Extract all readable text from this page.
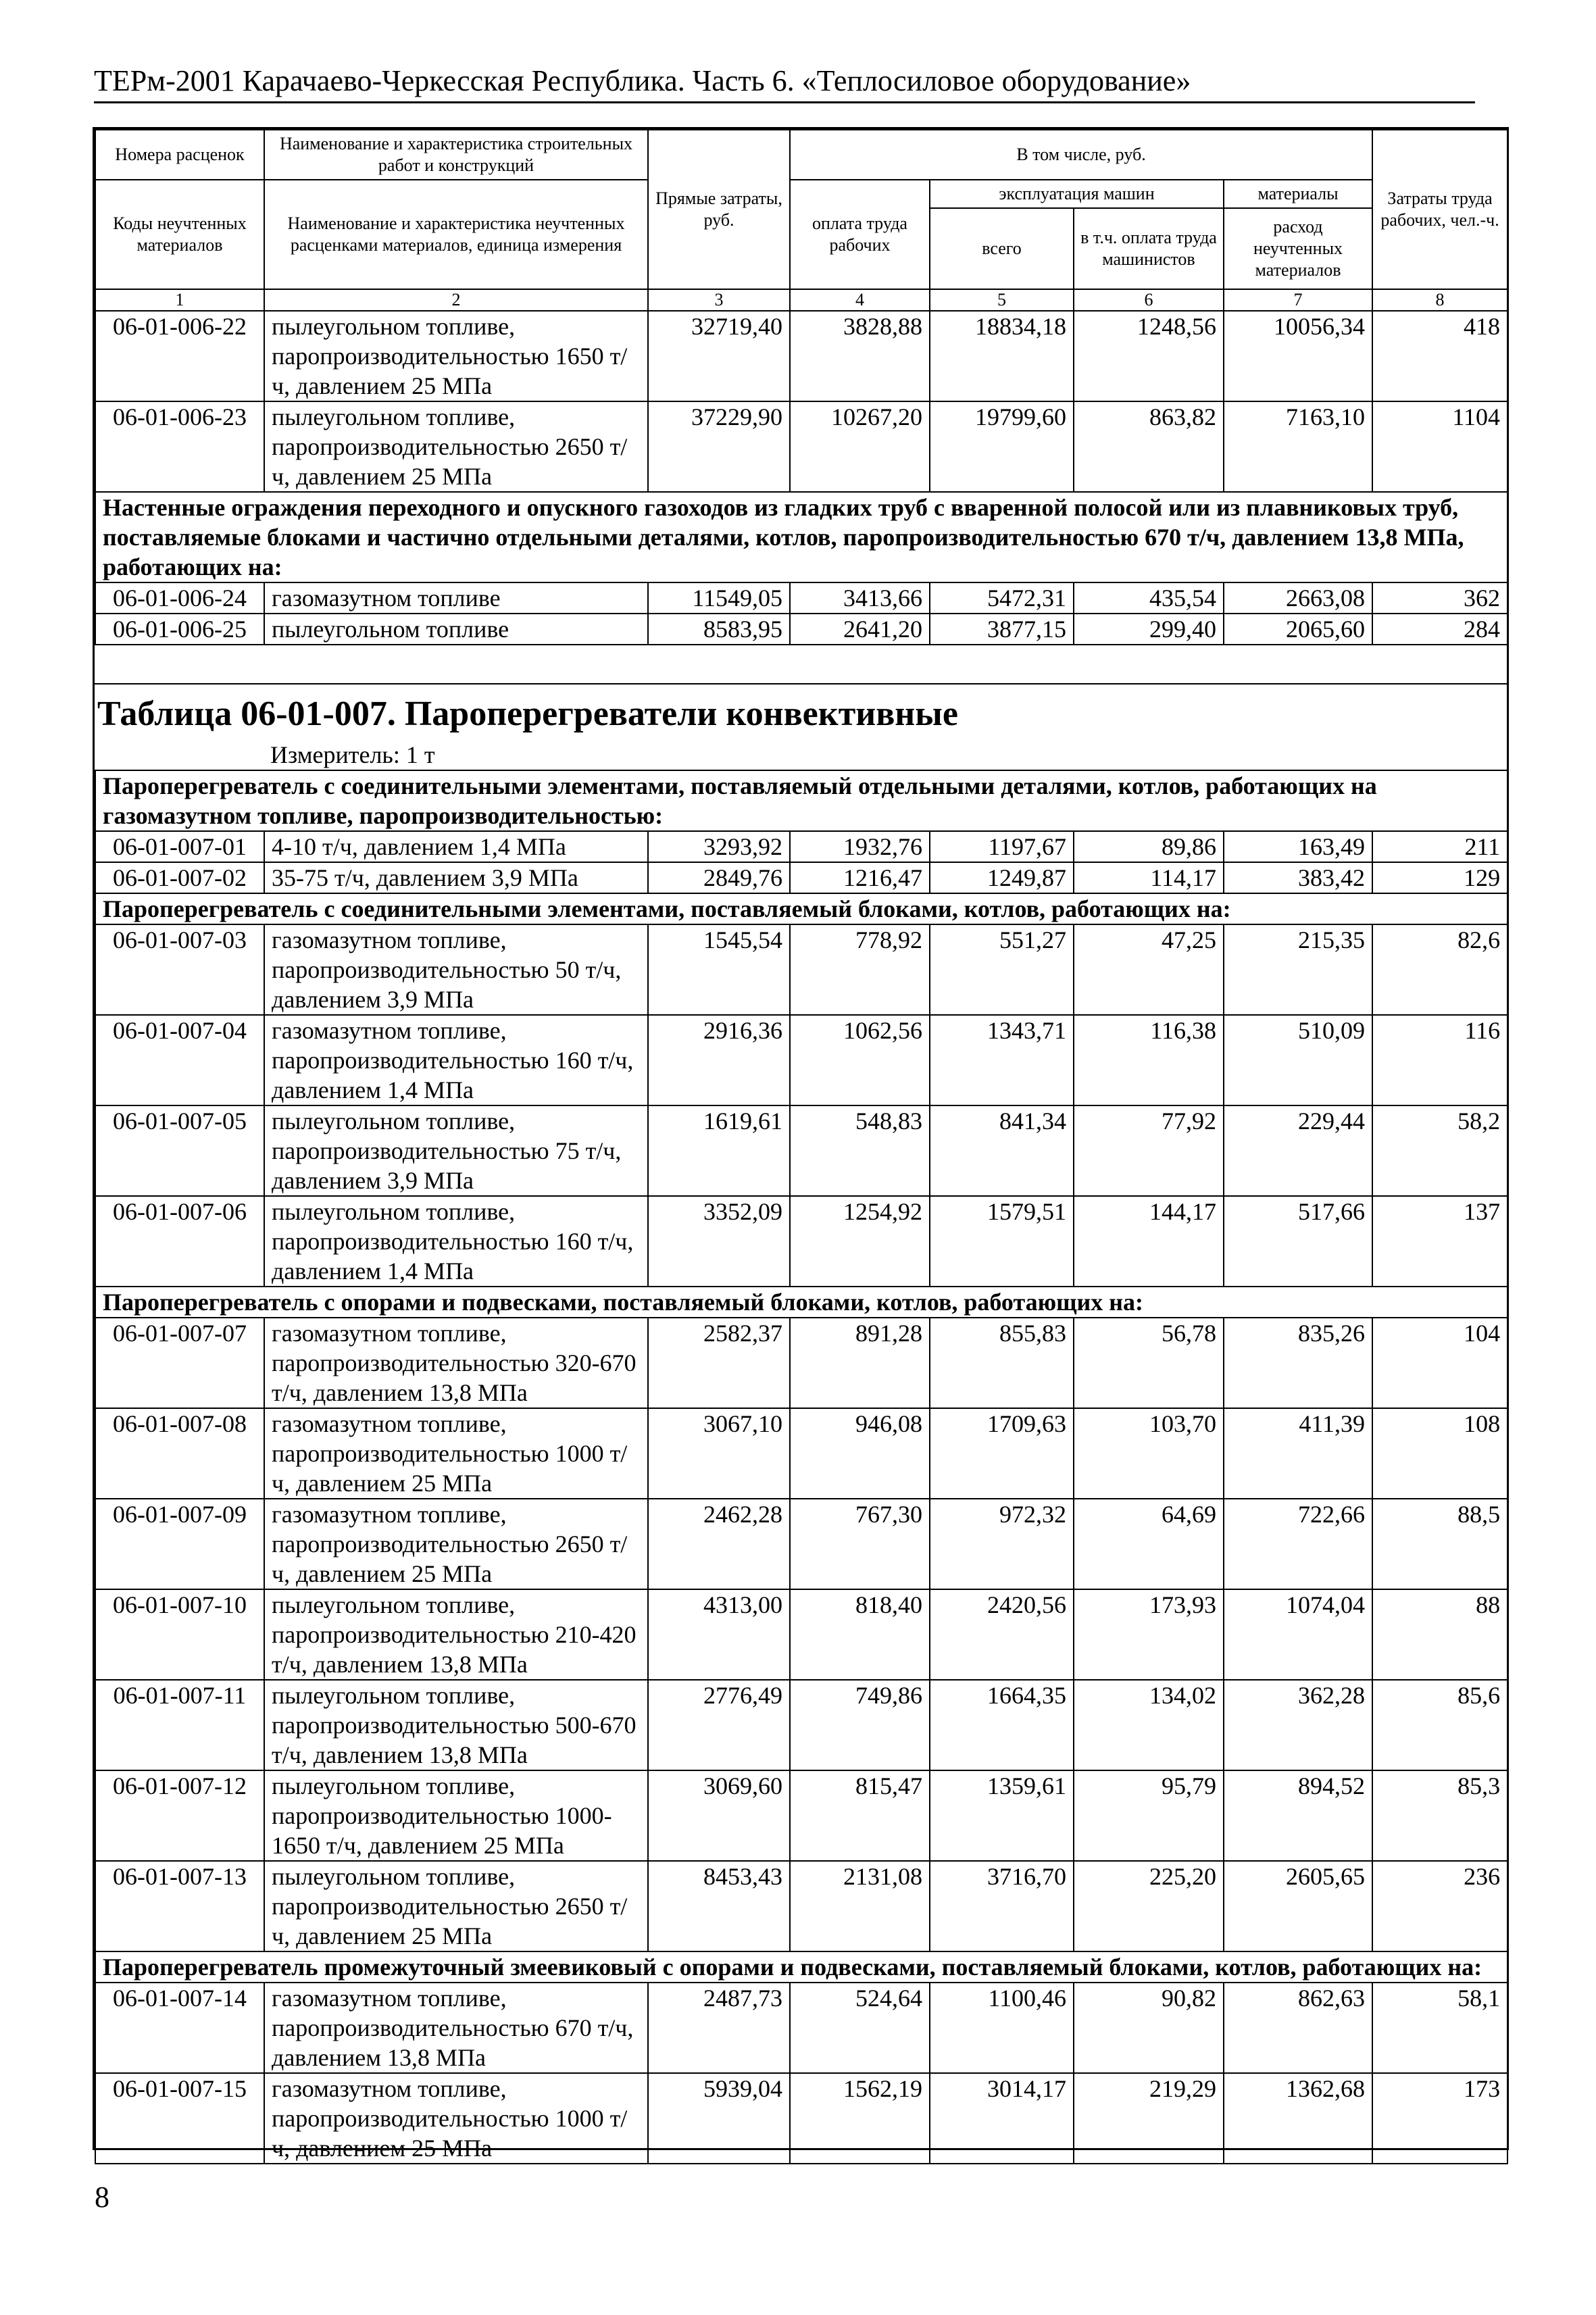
ТЕРм-2001 Карачаево-Черкесская Республика. Часть 6. «Теплосиловое оборудование»
Номера расценок	Наименование и характеристика строительных работ и конструкций	Прямые затраты, руб.	В том числе, руб.				Затраты труда рабочих, чел.-ч.
Коды неучтенных материалов	Наименование и характеристика неучтенных расценками материалов, единица измерения		оплата труда рабочих	эксплуатация машин		материалы	
				всего	в т.ч. оплата труда машинистов	расход неучтенных материалов	
1	2	3	4	5	6	7	8
06-01-006-22	пылеугольном топливе, паропроизводительностью 1650 т/ч, давлением 25 МПа	32719,40	3828,88	18834,18	1248,56	10056,34	418
06-01-006-23	пылеугольном топливе, паропроизводительностью 2650 т/ч, давлением 25 МПа	37229,90	10267,20	19799,60	863,82	7163,10	1104
Настенные ограждения переходного и опускного газоходов из гладких труб с вваренной полосой или из плавниковых труб, поставляемые блоками и частично отдельными деталями, котлов, паропроизводительностью 670 т/ч, давлением 13,8 МПа, работающих на:							
06-01-006-24	газомазутном топливе	11549,05	3413,66	5472,31	435,54	2663,08	362
06-01-006-25	пылеугольном топливе	8583,95	2641,20	3877,15	299,40	2065,60	284
Таблица 06-01-007. Пароперегреватели конвективные
Измеритель: 1 т
Пароперегреватель с соединительными элементами, поставляемый отдельными деталями, котлов, работающих на газомазутном топливе, паропроизводительностью:							
06-01-007-01	4-10 т/ч, давлением 1,4 МПа	3293,92	1932,76	1197,67	89,86	163,49	211
06-01-007-02	35-75 т/ч, давлением 3,9 МПа	2849,76	1216,47	1249,87	114,17	383,42	129
Пароперегреватель с соединительными элементами, поставляемый блоками, котлов, работающих на:							
06-01-007-03	газомазутном топливе, паропроизводительностью 50 т/ч, давлением 3,9 МПа	1545,54	778,92	551,27	47,25	215,35	82,6
06-01-007-04	газомазутном топливе, паропроизводительностью 160 т/ч, давлением 1,4 МПа	2916,36	1062,56	1343,71	116,38	510,09	116
06-01-007-05	пылеугольном топливе, паропроизводительностью 75 т/ч, давлением 3,9 МПа	1619,61	548,83	841,34	77,92	229,44	58,2
06-01-007-06	пылеугольном топливе, паропроизводительностью 160 т/ч, давлением 1,4 МПа	3352,09	1254,92	1579,51	144,17	517,66	137
Пароперегреватель с опорами и подвесками, поставляемый блоками, котлов, работающих на:							
06-01-007-07	газомазутном топливе, паропроизводительностью 320-670 т/ч, давлением 13,8 МПа	2582,37	891,28	855,83	56,78	835,26	104
06-01-007-08	газомазутном топливе, паропроизводительностью 1000 т/ч, давлением 25 МПа	3067,10	946,08	1709,63	103,70	411,39	108
06-01-007-09	газомазутном топливе, паропроизводительностью 2650 т/ч, давлением 25 МПа	2462,28	767,30	972,32	64,69	722,66	88,5
06-01-007-10	пылеугольном топливе, паропроизводительностью 210-420 т/ч, давлением 13,8 МПа	4313,00	818,40	2420,56	173,93	1074,04	88
06-01-007-11	пылеугольном топливе, паропроизводительностью 500-670 т/ч, давлением 13,8 МПа	2776,49	749,86	1664,35	134,02	362,28	85,6
06-01-007-12	пылеугольном топливе, паропроизводительностью 1000-1650 т/ч, давлением 25 МПа	3069,60	815,47	1359,61	95,79	894,52	85,3
06-01-007-13	пылеугольном топливе, паропроизводительностью 2650 т/ч, давлением 25 МПа	8453,43	2131,08	3716,70	225,20	2605,65	236
Пароперегреватель промежуточный змеевиковый с опорами и подвесками, поставляемый блоками, котлов, работающих на:							
06-01-007-14	газомазутном топливе, паропроизводительностью 670 т/ч, давлением 13,8 МПа	2487,73	524,64	1100,46	90,82	862,63	58,1
06-01-007-15	газомазутном топливе, паропроизводительностью 1000 т/ч, давлением 25 МПа	5939,04	1562,19	3014,17	219,29	1362,68	173
8
